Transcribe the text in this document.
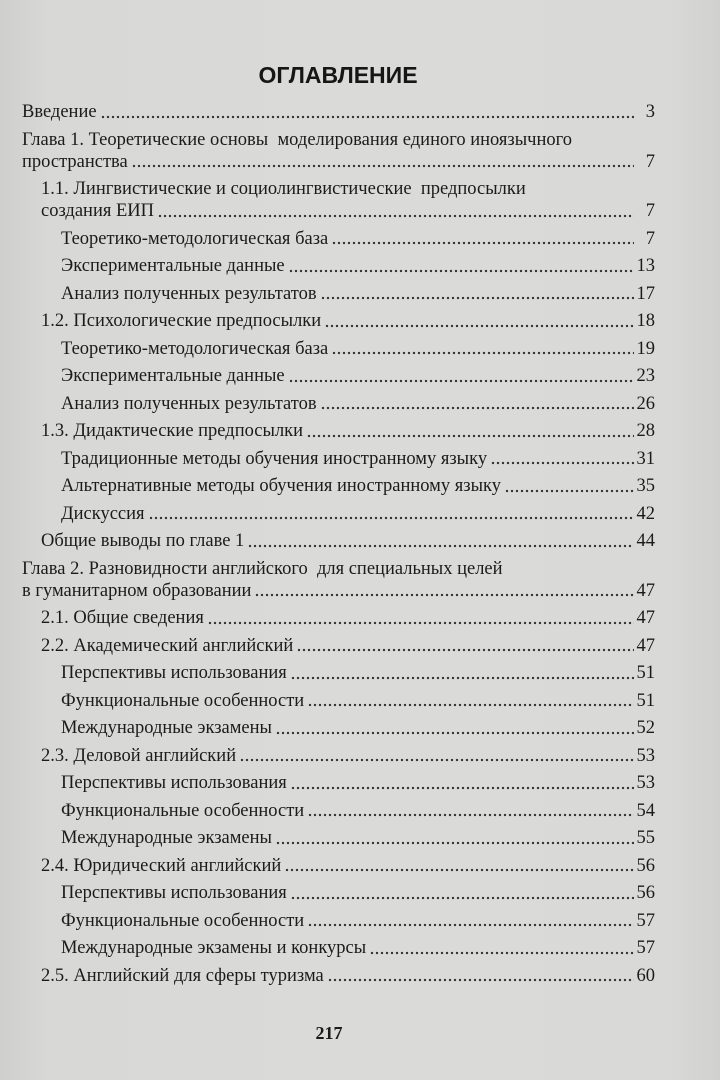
ОГЛАВЛЕНИЕ
Введение	3
Глава 1. Теоретические основы  моделирования единого иноязычного
пространства	7
1.1. Лингвистические и социолингвистические  предпосылки
создания ЕИП	7
Теоретико-методологическая база	7
Экспериментальные данные	13
Анализ полученных результатов	17
1.2. Психологические предпосылки	18
Теоретико-методологическая база	19
Экспериментальные данные	23
Анализ полученных результатов	26
1.3. Дидактические предпосылки	28
Традиционные методы обучения иностранному языку	31
Альтернативные методы обучения иностранному языку	35
Дискуссия	42
Общие выводы по главе 1	44
Глава 2. Разновидности английского  для специальных целей
в гуманитарном образовании	47
2.1. Общие сведения	47
2.2. Академический английский	47
Перспективы использования	51
Функциональные особенности	51
Международные экзамены	52
2.3. Деловой английский	53
Перспективы использования	53
Функциональные особенности	54
Международные экзамены	55
2.4. Юридический английский	56
Перспективы использования	56
Функциональные особенности	57
Международные экзамены и конкурсы	57
2.5. Английский для сферы туризма	60
217
